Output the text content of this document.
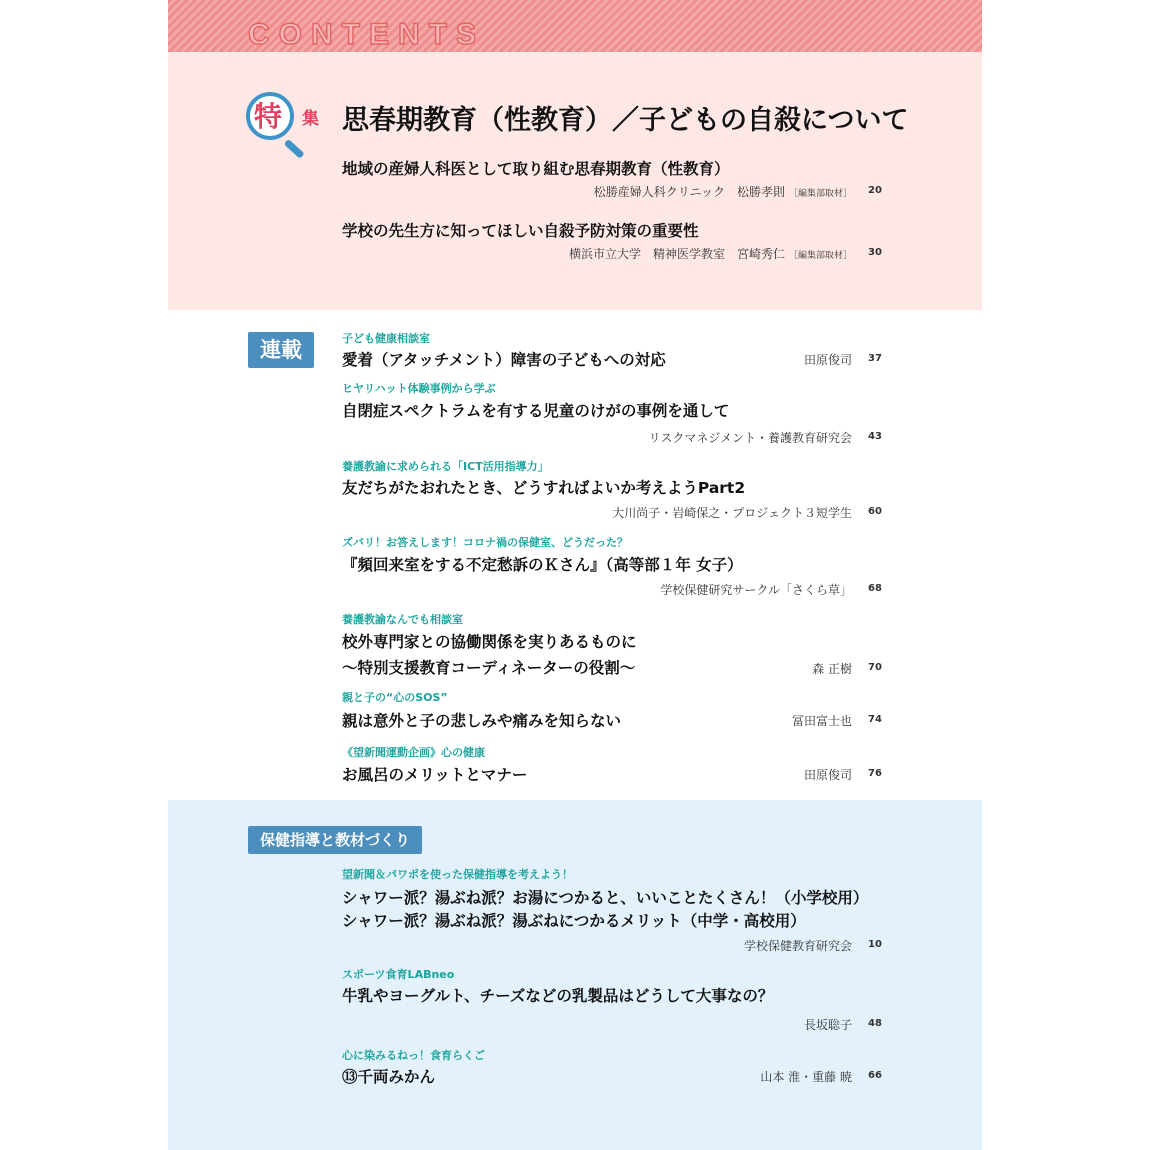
CONTENTS
特 集 思春期教育（性教育）／子どもの自殺について
地域の産婦人科医として取り組む思春期教育（性教育）
松勝産婦人科クリニック　松勝孝則 ［編集部取材］	20
学校の先生方に知ってほしい自殺予防対策の重要性
横浜市立大学　精神医学教室　宮崎秀仁 ［編集部取材］	30
連載	子ども健康相談室
愛着（アタッチメント）障害の子どもへの対応	田原俊司	37
ヒヤリハット体験事例から学ぶ
自閉症スペクトラムを有する児童のけがの事例を通して
リスクマネジメント・養護教育研究会	43
養護教諭に求められる「ICT活用指導力」
友だちがたおれたとき、どうすればよいか考えようPart2
大川尚子・岩崎保之・プロジェクト３短学生	60
ズバリ！お答えします！コロナ禍の保健室、どうだった？
『頻回来室をする不定愁訴のＫさん』（高等部１年 女子）
学校保健研究サークル「さくら草」	68
養護教諭なんでも相談室
校外専門家との協働関係を実りあるものに
～特別支援教育コーディネーターの役割～	森 正樹	70
親と子の“心のSOS”
親は意外と子の悲しみや痛みを知らない	冨田富士也	74
《望新聞運動企画》心の健康
お風呂のメリットとマナー	田原俊司	76
保健指導と教材づくり
望新聞＆パワポを使った保健指導を考えよう！
シャワー派？湯ぶね派？お湯につかると、いいことたくさん！（小学校用）
シャワー派？湯ぶね派？湯ぶねにつかるメリット（中学・高校用）
学校保健教育研究会	10
スポーツ食育LABneo
牛乳やヨーグルト、チーズなどの乳製品はどうして大事なの？
長坂聡子	48
心に染みるねっ！食育らくご
⑬千両みかん	山本 淮・重藤 暁	66
